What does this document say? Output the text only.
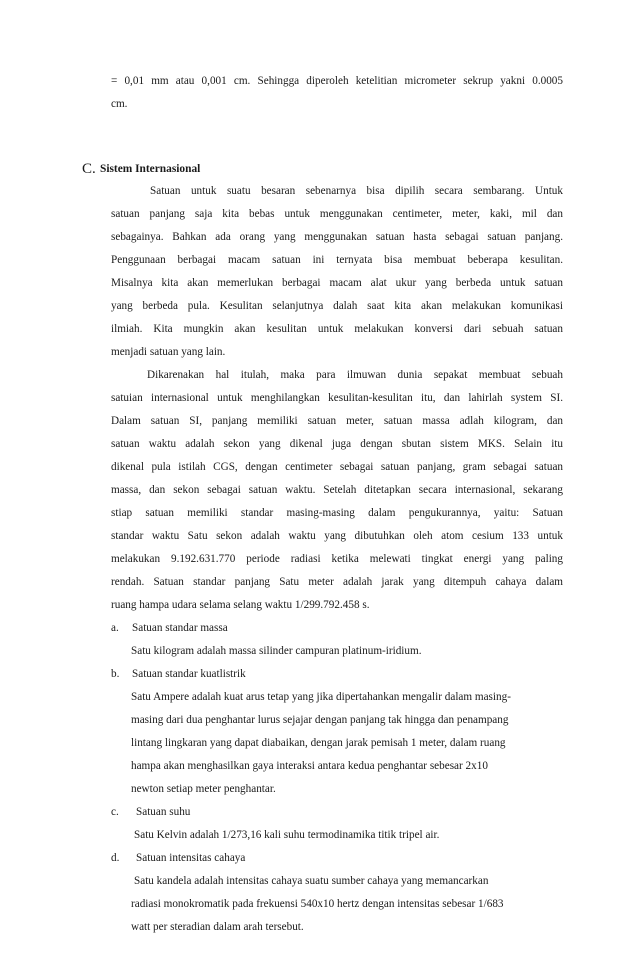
= 0,01 mm atau 0,001 cm. Sehingga diperoleh ketelitian micrometer sekrup yakni 0.0005
cm.
C. Sistem Internasional
Satuan untuk suatu besaran sebenarnya bisa dipilih secara sembarang. Untuk
satuan panjang saja kita bebas untuk menggunakan centimeter, meter, kaki, mil dan
sebagainya. Bahkan ada orang yang menggunakan satuan hasta sebagai satuan panjang.
Penggunaan berbagai macam satuan ini ternyata bisa membuat beberapa kesulitan.
Misalnya kita akan memerlukan berbagai macam alat ukur yang berbeda untuk satuan
yang berbeda pula. Kesulitan selanjutnya dalah saat kita akan melakukan komunikasi
ilmiah. Kita mungkin akan kesulitan untuk melakukan konversi dari sebuah satuan
menjadi satuan yang lain.
Dikarenakan hal itulah, maka para ilmuwan dunia sepakat membuat sebuah
satuian internasional untuk menghilangkan kesulitan-kesulitan itu, dan lahirlah system SI.
Dalam satuan SI, panjang memiliki satuan meter, satuan massa adlah kilogram, dan
satuan waktu adalah sekon yang dikenal juga dengan sbutan sistem MKS. Selain itu
dikenal pula istilah CGS, dengan centimeter sebagai satuan panjang, gram sebagai satuan
massa, dan sekon sebagai satuan waktu. Setelah ditetapkan secara internasional, sekarang
stiap satuan memiliki standar masing-masing dalam pengukurannya, yaitu: Satuan
standar waktu Satu sekon adalah waktu yang dibutuhkan oleh atom cesium 133 untuk
melakukan 9.192.631.770 periode radiasi ketika melewati tingkat energi yang paling
rendah. Satuan standar panjang Satu meter adalah jarak yang ditempuh cahaya dalam
ruang hampa udara selama selang waktu 1/299.792.458 s.
a. Satuan standar massa
Satu kilogram adalah massa silinder campuran platinum-iridium.
b. Satuan standar kuatlistrik
Satu Ampere adalah kuat arus tetap yang jika dipertahankan mengalir dalam masing-
masing dari dua penghantar lurus sejajar dengan panjang tak hingga dan penampang
lintang lingkaran yang dapat diabaikan, dengan jarak pemisah 1 meter, dalam ruang
hampa akan menghasilkan gaya interaksi antara kedua penghantar sebesar 2x10
newton setiap meter penghantar.
c. Satuan suhu
Satu Kelvin adalah 1/273,16 kali suhu termodinamika titik tripel air.
d. Satuan intensitas cahaya
Satu kandela adalah intensitas cahaya suatu sumber cahaya yang memancarkan
radiasi monokromatik pada frekuensi 540x10 hertz dengan intensitas sebesar 1/683
watt per steradian dalam arah tersebut.
